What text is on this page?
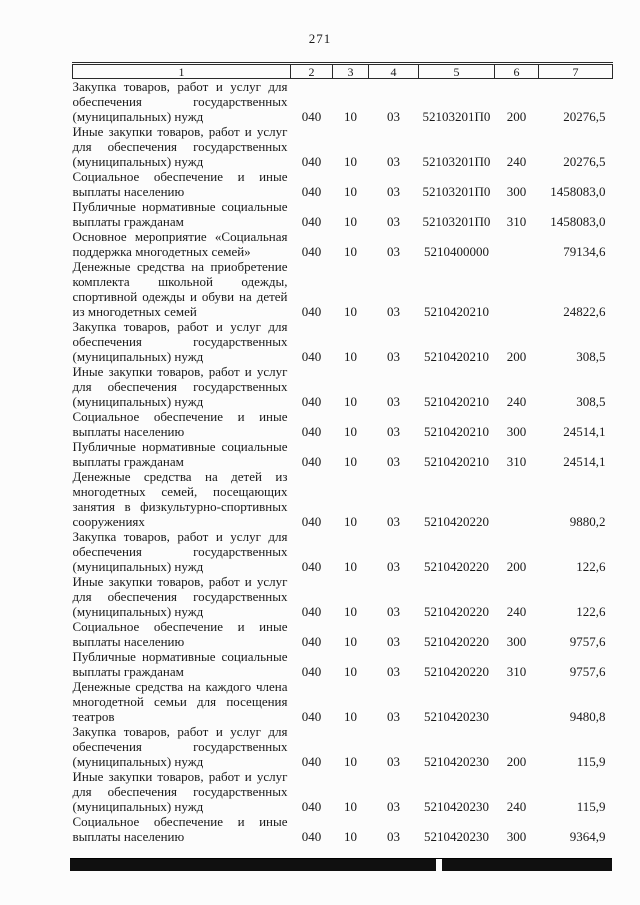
271
1	2	3	4	5	6	7
Закупка товаров, работ и услуг для обеспечения государственных (муниципальных) нужд	040	10	03	52103201П0	200	20276,5
Иные закупки товаров, работ и услуг для обеспечения государственных (муниципальных) нужд	040	10	03	52103201П0	240	20276,5
Социальное обеспечение и иные выплаты населению	040	10	03	52103201П0	300	1458083,0
Публичные нормативные социальные выплаты гражданам	040	10	03	52103201П0	310	1458083,0
Основное мероприятие «Социальная поддержка многодетных семей»	040	10	03	5210400000		79134,6
Денежные средства на приобретение комплекта школьной одежды, спортивной одежды и обуви на детей из многодетных семей	040	10	03	5210420210		24822,6
Закупка товаров, работ и услуг для обеспечения государственных (муниципальных) нужд	040	10	03	5210420210	200	308,5
Иные закупки товаров, работ и услуг для обеспечения государственных (муниципальных) нужд	040	10	03	5210420210	240	308,5
Социальное обеспечение и иные выплаты населению	040	10	03	5210420210	300	24514,1
Публичные нормативные социальные выплаты гражданам	040	10	03	5210420210	310	24514,1
Денежные средства на детей из многодетных семей, посещающих занятия в физкультурно-спортивных сооружениях	040	10	03	5210420220		9880,2
Закупка товаров, работ и услуг для обеспечения государственных (муниципальных) нужд	040	10	03	5210420220	200	122,6
Иные закупки товаров, работ и услуг для обеспечения государственных (муниципальных) нужд	040	10	03	5210420220	240	122,6
Социальное обеспечение и иные выплаты населению	040	10	03	5210420220	300	9757,6
Публичные нормативные социальные выплаты гражданам	040	10	03	5210420220	310	9757,6
Денежные средства на каждого члена многодетной семьи для посещения театров	040	10	03	5210420230		9480,8
Закупка товаров, работ и услуг для обеспечения государственных (муниципальных) нужд	040	10	03	5210420230	200	115,9
Иные закупки товаров, работ и услуг для обеспечения государственных (муниципальных) нужд	040	10	03	5210420230	240	115,9
Социальное обеспечение и иные выплаты населению	040	10	03	5210420230	300	9364,9
